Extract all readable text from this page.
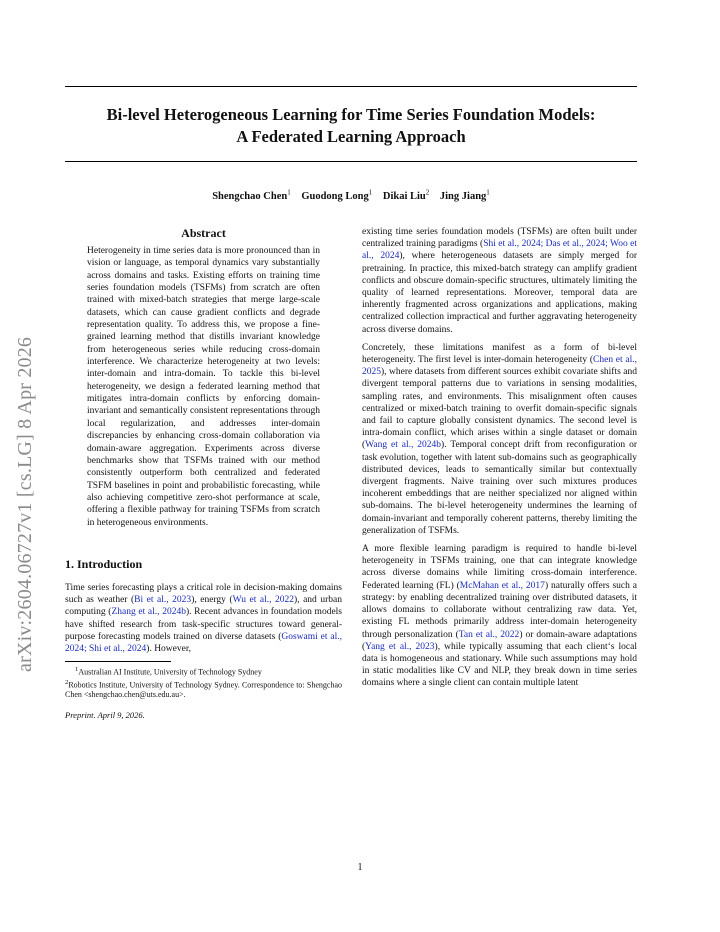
arXiv:2604.06727v1 [cs.LG] 8 Apr 2026
Bi-level Heterogeneous Learning for Time Series Foundation Models:
A Federated Learning Approach
Shengchao Chen$^1$ Guodong Long$^1$ Dikai Liu$^2$ Jing Jiang$^1$
Abstract

Heterogeneity in time series data is more pronounced than in vision or language, as temporal dynamics vary substantially across domains and tasks. Existing efforts on training time series foundation models (TSFMs) from scratch are often trained with mixed-batch strategies that merge large-scale datasets, which can cause gradient conflicts and degrade representation quality. To address this, we propose a fine-grained learning method that distills invariant knowledge from heterogeneous series while reducing cross-domain interference. We characterize heterogeneity at two levels: inter-domain and intra-domain. To tackle this bi-level heterogeneity, we design a federated learning method that mitigates intra-domain conflicts by enforcing domain-invariant and semantically consistent representations through local regularization, and addresses inter-domain discrepancies by enhancing cross-domain collaboration via domain-aware aggregation. Experiments across diverse benchmarks show that TSFMs trained with our method consistently outperform both centralized and federated TSFM baselines in point and probabilistic forecasting, while also achieving competitive zero-shot performance at scale, offering a flexible pathway for training TSFMs from scratch in heterogeneous environments.

1. Introduction

Time series forecasting plays a critical role in decision-making domains such as weather (Bi et al., 2023), energy (Wu et al., 2022), and urban computing (Zhang et al., 2024b). Recent advances in foundation models have shifted research from task-specific structures toward general-purpose forecasting models trained on diverse datasets (Goswami et al., 2024; Shi et al., 2024). However,

$^1$Australian AI Institute, University of Technology Sydney
$^2$Robotics Institute, University of Technology Sydney. Correspondence to: Shengchao Chen <shengchao.chen@uts.edu.au>.
Preprint. April 9, 2026.

existing time series foundation models (TSFMs) are often built under centralized training paradigms (Shi et al., 2024; Das et al., 2024; Woo et al., 2024), where heterogeneous datasets are simply merged for pretraining. In practice, this mixed-batch strategy can amplify gradient conflicts and obscure domain-specific structures, ultimately limiting the quality of learned representations. Moreover, temporal data are inherently fragmented across organizations and applications, making centralized collection impractical and further aggravating heterogeneity across diverse domains.

Concretely, these limitations manifest as a form of bi-level heterogeneity. The first level is inter-domain heterogeneity (Chen et al., 2025), where datasets from different sources exhibit covariate shifts and divergent temporal patterns due to variations in sensing modalities, sampling rates, and environments. This misalignment often causes centralized or mixed-batch training to overfit domain-specific signals and fail to capture globally consistent dynamics. The second level is intra-domain conflict, which arises within a single dataset or domain (Wang et al., 2024b). Temporal concept drift from reconfiguration or task evolution, together with latent sub-domains such as geographically distributed devices, leads to semantically similar but contextually divergent fragments. Naive training over such mixtures produces incoherent embeddings that are neither specialized nor aligned within sub-domains. The bi-level heterogeneity undermines the learning of domain-invariant and temporally coherent patterns, thereby limiting the generalization of TSFMs.

A more flexible learning paradigm is required to handle bi-level heterogeneity in TSFMs training, one that can integrate knowledge across diverse domains while limiting cross-domain interference. Federated learning (FL) (McMahan et al., 2017) naturally offers such a strategy: by enabling decentralized training over distributed datasets, it allows domains to collaborate without centralizing raw data. Yet, existing FL methods primarily address inter-domain heterogeneity through personalization (Tan et al., 2022) or domain-aware adaptations (Yang et al., 2023), while typically assuming that each client‘s local data is homogeneous and stationary. While such assumptions may hold in static modalities like CV and NLP, they break down in time series domains where a single client can contain multiple latent

1
